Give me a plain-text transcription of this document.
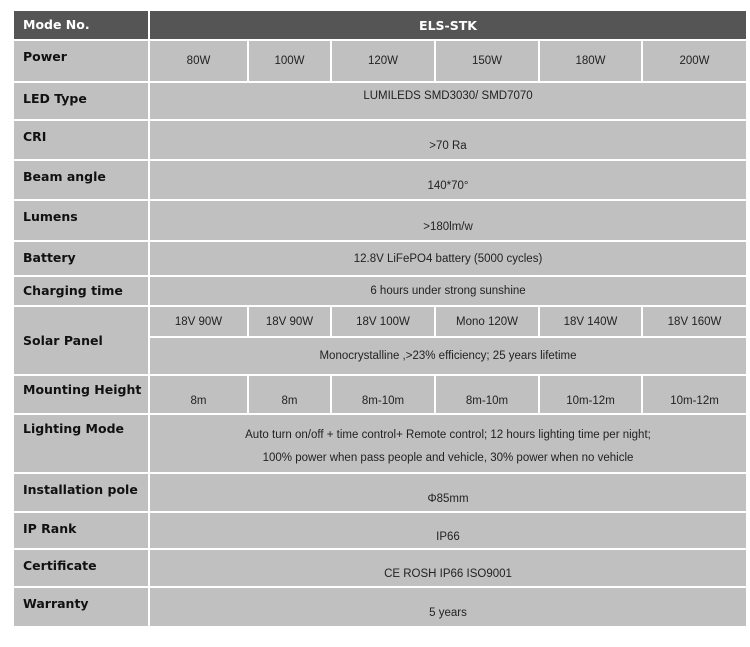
Mode No.	ELS-STK					
Power	80W	100W	120W	150W	180W	200W
LED Type	LUMILEDS SMD3030/ SMD7070					
CRI	>70 Ra					
Beam angle	140*70°					
Lumens	>180lm/w					
Battery	12.8V LiFePO4 battery (5000 cycles)					
Charging time	6 hours under strong sunshine					
Solar Panel	18V 90W	18V 90W	18V 100W	Mono 120W	18V 140W	18V 160W
	Monocrystalline ,>23% efficiency; 25 years lifetime					
Mounting Height	8m	8m	8m-10m	8m-10m	10m-12m	10m-12m
Lighting Mode	Auto turn on/off + time control+ Remote control; 12 hours lighting time per night;
100% power when pass people and vehicle, 30% power when no vehicle					

Installation pole	Φ85mm					
IP Rank	IP66					
Certificate	CE ROSH IP66 ISO9001					
Warranty	5 years					
